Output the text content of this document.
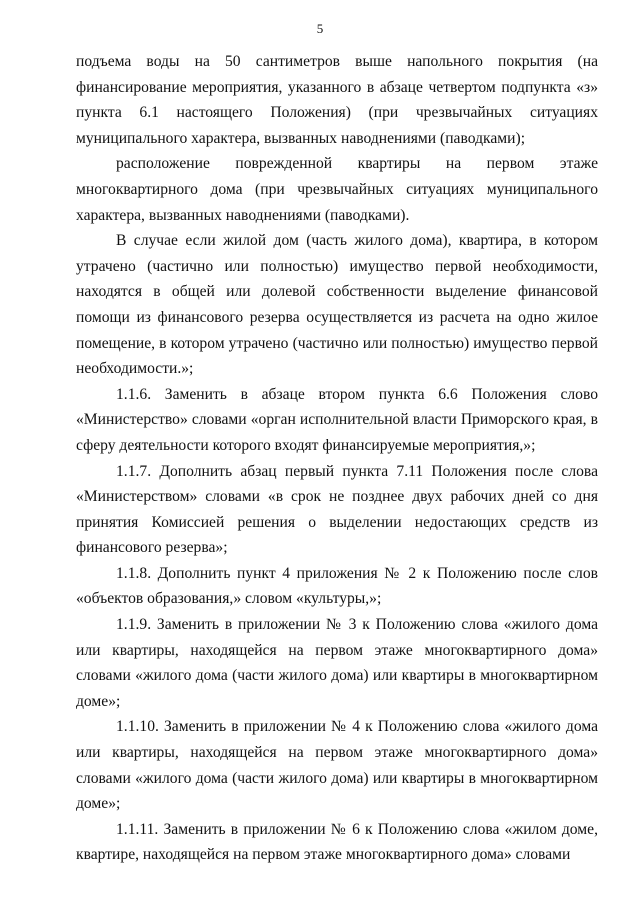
5

подъема воды на 50 сантиметров выше напольного покрытия (на финансирование мероприятия, указанного в абзаце четвертом подпункта «з» пункта 6.1 настоящего Положения) (при чрезвычайных ситуациях муниципального характера, вызванных наводнениями (паводками);

расположение поврежденной квартиры на первом этаже многоквартирного дома (при чрезвычайных ситуациях муниципального характера, вызванных наводнениями (паводками).

В случае если жилой дом (часть жилого дома), квартира, в котором утрачено (частично или полностью) имущество первой необходимости, находятся в общей или долевой собственности выделение финансовой помощи из финансового резерва осуществляется из расчета на одно жилое помещение, в котором утрачено (частично или полностью) имущество первой необходимости.»;

1.1.6. Заменить в абзаце втором пункта 6.6 Положения слово «Министерство» словами «орган исполнительной власти Приморского края, в сферу деятельности которого входят финансируемые мероприятия,»;

1.1.7. Дополнить абзац первый пункта 7.11 Положения после слова «Министерством» словами «в срок не позднее двух рабочих дней со дня принятия Комиссией решения о выделении недостающих средств из финансового резерва»;

1.1.8. Дополнить пункт 4 приложения № 2 к Положению после слов «объектов образования,» словом «культуры,»;

1.1.9. Заменить в приложении № 3 к Положению слова «жилого дома или квартиры, находящейся на первом этаже многоквартирного дома» словами «жилого дома (части жилого дома) или квартиры в многоквартирном доме»;

1.1.10. Заменить в приложении № 4 к Положению слова «жилого дома или квартиры, находящейся на первом этаже многоквартирного дома» словами «жилого дома (части жилого дома) или квартиры в многоквартирном доме»;

1.1.11. Заменить в приложении № 6 к Положению слова «жилом доме, квартире, находящейся на первом этаже многоквартирного дома» словами
